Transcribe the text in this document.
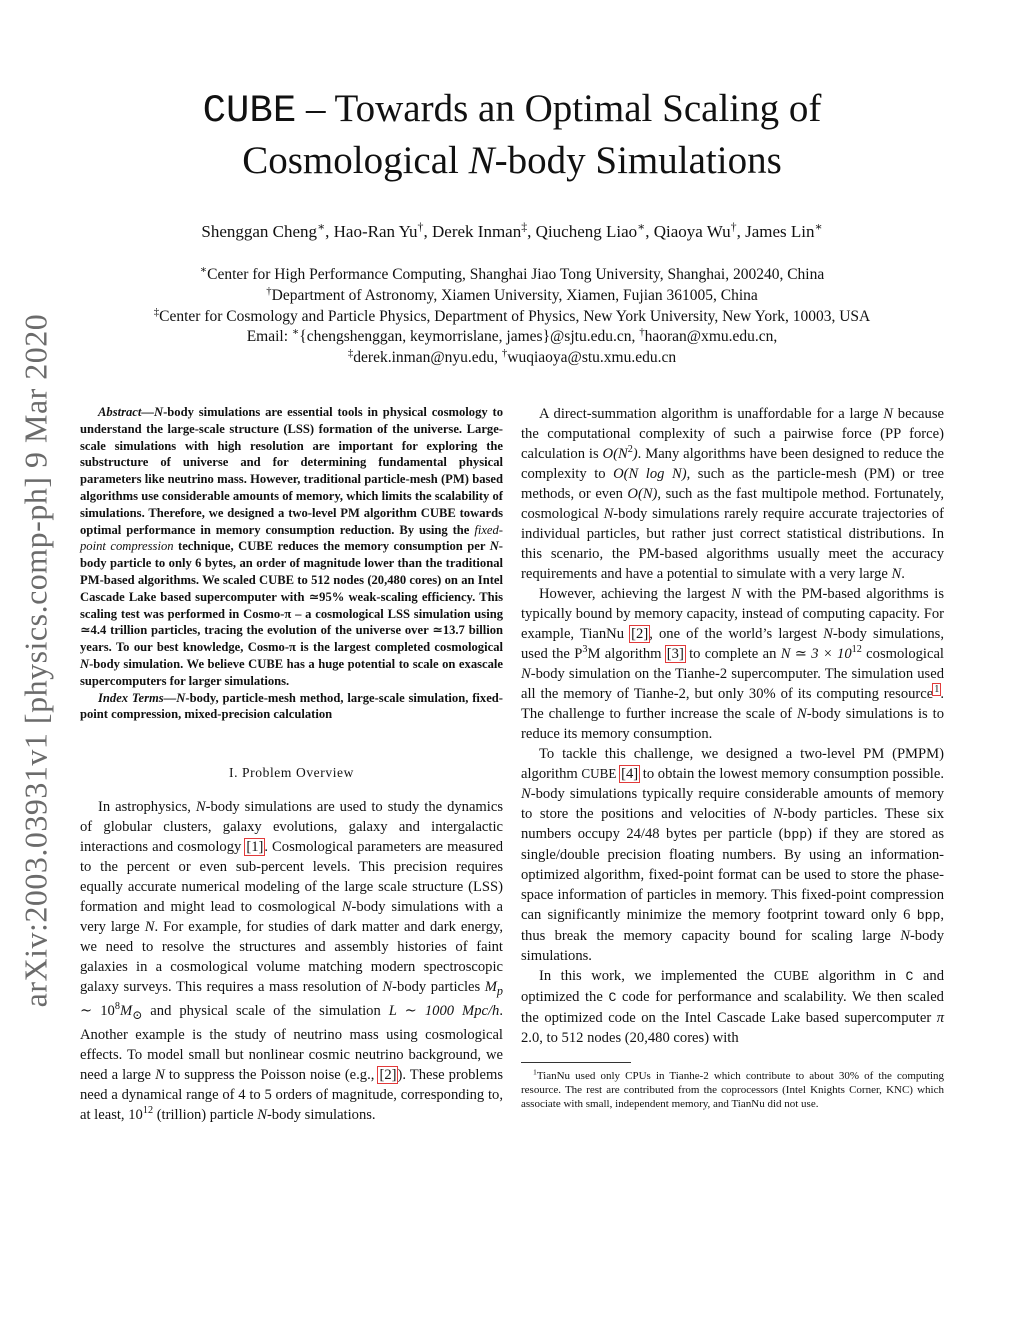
arXiv:2003.03931v1 [physics.comp-ph] 9 Mar 2020
CUBE – Towards an Optimal Scaling of
Cosmological N-body Simulations
Shenggan Cheng∗, Hao-Ran Yu†, Derek Inman‡, Qiucheng Liao∗, Qiaoya Wu†, James Lin∗
∗Center for High Performance Computing, Shanghai Jiao Tong University, Shanghai, 200240, China
†Department of Astronomy, Xiamen University, Xiamen, Fujian 361005, China
‡Center for Cosmology and Particle Physics, Department of Physics, New York University, New York, 10003, USA
Email: ∗{chengshenggan, keymorrislane, james}@sjtu.edu.cn, †haoran@xmu.edu.cn,
‡derek.inman@nyu.edu, †wuqiaoya@stu.xmu.edu.cn

Abstract—N-body simulations are essential tools in physical cosmology to understand the large-scale structure (LSS) formation of the universe. Large-scale simulations with high resolution are important for exploring the substructure of universe and for determining fundamental physical parameters like neutrino mass. However, traditional particle-mesh (PM) based algorithms use considerable amounts of memory, which limits the scalability of simulations. Therefore, we designed a two-level PM algorithm CUBE towards optimal performance in memory consumption reduction. By using the fixed-point compression technique, CUBE reduces the memory consumption per N-body particle to only 6 bytes, an order of magnitude lower than the traditional PM-based algorithms. We scaled CUBE to 512 nodes (20,480 cores) on an Intel Cascade Lake based supercomputer with ≃95% weak-scaling efficiency. This scaling test was performed in Cosmo-π – a cosmological LSS simulation using ≃4.4 trillion particles, tracing the evolution of the universe over ≃13.7 billion years. To our best knowledge, Cosmo-π is the largest completed cosmological N-body simulation. We believe CUBE has a huge potential to scale on exascale supercomputers for larger simulations.

Index Terms—N-body, particle-mesh method, large-scale simulation, fixed-point compression, mixed-precision calculation

I. Problem Overview

In astrophysics, N-body simulations are used to study the dynamics of globular clusters, galaxy evolutions, galaxy and intergalactic interactions and cosmology [1]. Cosmological parameters are measured to the percent or even sub-percent levels. This precision requires equally accurate numerical modeling of the large scale structure (LSS) formation and might lead to cosmological N-body simulations with a very large N. For example, for studies of dark matter and dark energy, we need to resolve the structures and assembly histories of faint galaxies in a cosmological volume matching modern spectroscopic galaxy surveys. This requires a mass resolution of N-body particles $M_p$ ∼ $10^8M_⊙$ and physical scale of the simulation L ∼ 1000 Mpc/h. Another example is the study of neutrino mass using cosmological effects. To model small but nonlinear cosmic neutrino background, we need a large N to suppress the Poisson noise (e.g., [2]). These problems need a dynamical range of 4 to 5 orders of magnitude, corresponding to, at least, $10^{12}$ (trillion) particle N-body simulations.

A direct-summation algorithm is unaffordable for a large N because the computational complexity of such a pairwise force (PP force) calculation is $O(N^2)$. Many algorithms have been designed to reduce the complexity to O(N log N), such as the particle-mesh (PM) or tree methods, or even O(N), such as the fast multipole method. Fortunately, cosmological N-body simulations rarely require accurate trajectories of individual particles, but rather just correct statistical distributions. In this scenario, the PM-based algorithms usually meet the accuracy requirements and have a potential to simulate with a very large N.

However, achieving the largest N with the PM-based algorithms is typically bound by memory capacity, instead of computing capacity. For example, TianNu [2], one of the world’s largest N-body simulations, used the $P^3M$ algorithm [3] to complete an N ≃ $3 \times 10^{12}$ cosmological N-body simulation on the Tianhe-2 supercomputer. The simulation used all the memory of Tianhe-2, but only 30% of its computing resource$^1$. The challenge to further increase the scale of N-body simulations is to reduce its memory consumption.

To tackle this challenge, we designed a two-level PM (PMPM) algorithm CUBE [4] to obtain the lowest memory consumption possible. N-body simulations typically require considerable amounts of memory to store the positions and velocities of N-body particles. These six numbers occupy 24/48 bytes per particle (bpp) if they are stored as single/double precision floating numbers. By using an information-optimized algorithm, fixed-point format can be used to store the phase-space information of particles in memory. This fixed-point compression can significantly minimize the memory footprint toward only 6 bpp, thus break the memory capacity bound for scaling large N-body simulations.

In this work, we implemented the CUBE algorithm in C and optimized the C code for performance and scalability. We then scaled the optimized code on the Intel Cascade Lake based supercomputer π 2.0, to 512 nodes (20,480 cores) with

$^1$TianNu used only CPUs in Tianhe-2 which contribute to about 30% of the computing resource. The rest are contributed from the coprocessors (Intel Knights Corner, KNC) which associate with small, independent memory, and TianNu did not use.
